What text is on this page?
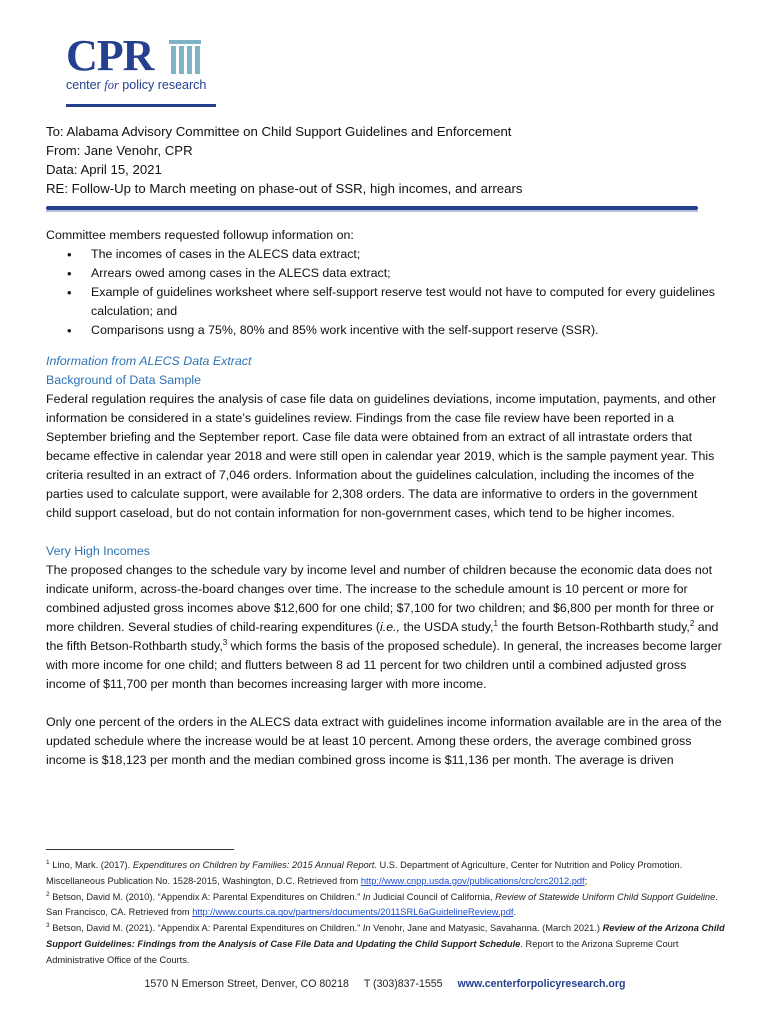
CPR
center for policy research
To: Alabama Advisory Committee on Child Support Guidelines and Enforcement
From: Jane Venohr, CPR
Data: April 15, 2021
RE: Follow-Up to March meeting on phase-out of SSR, high incomes, and arrears

Committee members requested followup information on:

• The incomes of cases in the ALECS data extract;
• Arrears owed among cases in the ALECS data extract;
• Example of guidelines worksheet where self-support reserve test would not have to computed for every guidelines calculation; and
• Comparisons usng a 75%, 80% and 85% work incentive with the self-support reserve (SSR).

Information from ALECS Data Extract

Background of Data Sample

Federal regulation requires the analysis of case file data on guidelines deviations, income imputation, payments, and other information be considered in a state’s guidelines review. Findings from the case file review have been reported in a September briefing and the September report. Case file data were obtained from an extract of all intrastate orders that became effective in calendar year 2018 and were still open in calendar year 2019, which is the sample payment year. This criteria resulted in an extract of 7,046 orders. Information about the guidelines calculation, including the incomes of the parties used to calculate support, were available for 2,308 orders. The data are informative to orders in the government child support caseload, but do not contain information for non-government cases, which tend to be higher incomes.

Very High Incomes

The proposed changes to the schedule vary by income level and number of children because the economic data does not indicate uniform, across-the-board changes over time. The increase to the schedule amount is 10 percent or more for combined adjusted gross incomes above $12,600 for one child; $7,100 for two children; and $6,800 per month for three or more children. Several studies of child-rearing expenditures (i.e., the USDA study,$^1$ the fourth Betson-Rothbarth study,$^2$ and the fifth Betson-Rothbarth study,$^3$ which forms the basis of the proposed schedule). In general, the increases become larger with more income for one child; and flutters between 8 ad 11 percent for two children until a combined adjusted gross income of $11,700 per month than becomes increasing larger with more income.

Only one percent of the orders in the ALECS data extract with guidelines income information available are in the area of the updated schedule where the increase would be at least 10 percent. Among these orders, the average combined gross income is $18,123 per month and the median combined gross income is $11,136 per month. The average is driven

$^1$ Lino, Mark. (2017). Expenditures on Children by Families: 2015 Annual Report. U.S. Department of Agriculture, Center for Nutrition and Policy Promotion. Miscellaneous Publication No. 1528-2015, Washington, D.C. Retrieved from http://www.cnpp.usda.gov/publications/crc/crc2012.pdf;

$^2$ Betson, David M. (2010). “Appendix A: Parental Expenditures on Children.” In Judicial Council of California, Review of Statewide Uniform Child Support Guideline. San Francisco, CA. Retrieved from http://www.courts.ca.gov/partners/documents/2011SRL6aGuidelineReview.pdf.

$^3$ Betson, David M. (2021). “Appendix A: Parental Expenditures on Children.” In Venohr, Jane and Matyasic, Savahanna. (March 2021.) Review of the Arizona Child Support Guidelines: Findings from the Analysis of Case File Data and Updating the Child Support Schedule. Report to the Arizona Supreme Court Administrative Office of the Courts.

1570 N Emerson Street, Denver, CO 80218 T (303)837-1555 www.centerforpolicyresearch.org
